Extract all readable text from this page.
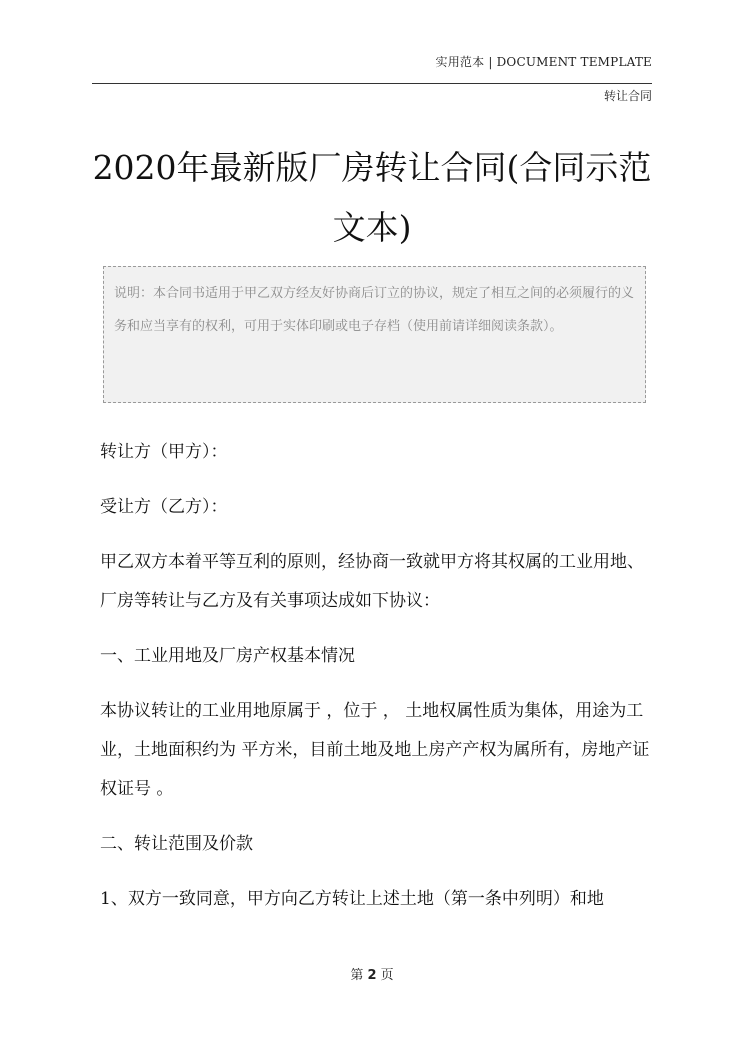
实用范本 | DOCUMENT TEMPLATE
转让合同
2020年最新版厂房转让合同(合同示范文本)
说明：本合同书适用于甲乙双方经友好协商后订立的协议，规定了相互之间的必须履行的义务和应当享有的权利，可用于实体印刷或电子存档（使用前请详细阅读条款）。

转让方（甲方）：

受让方（乙方）：

甲乙双方本着平等互利的原则，经协商一致就甲方将其权属的工业用地、厂房等转让与乙方及有关事项达成如下协议：

一、工业用地及厂房产权基本情况

本协议转让的工业用地原属于 ，位于 ， 土地权属性质为集体，用途为工业，土地面积约为 平方米，目前土地及地上房产产权为属所有，房地产证权证号 。

二、转让范围及价款

1、双方一致同意，甲方向乙方转让上述土地（第一条中列明）和地

第 2 页
